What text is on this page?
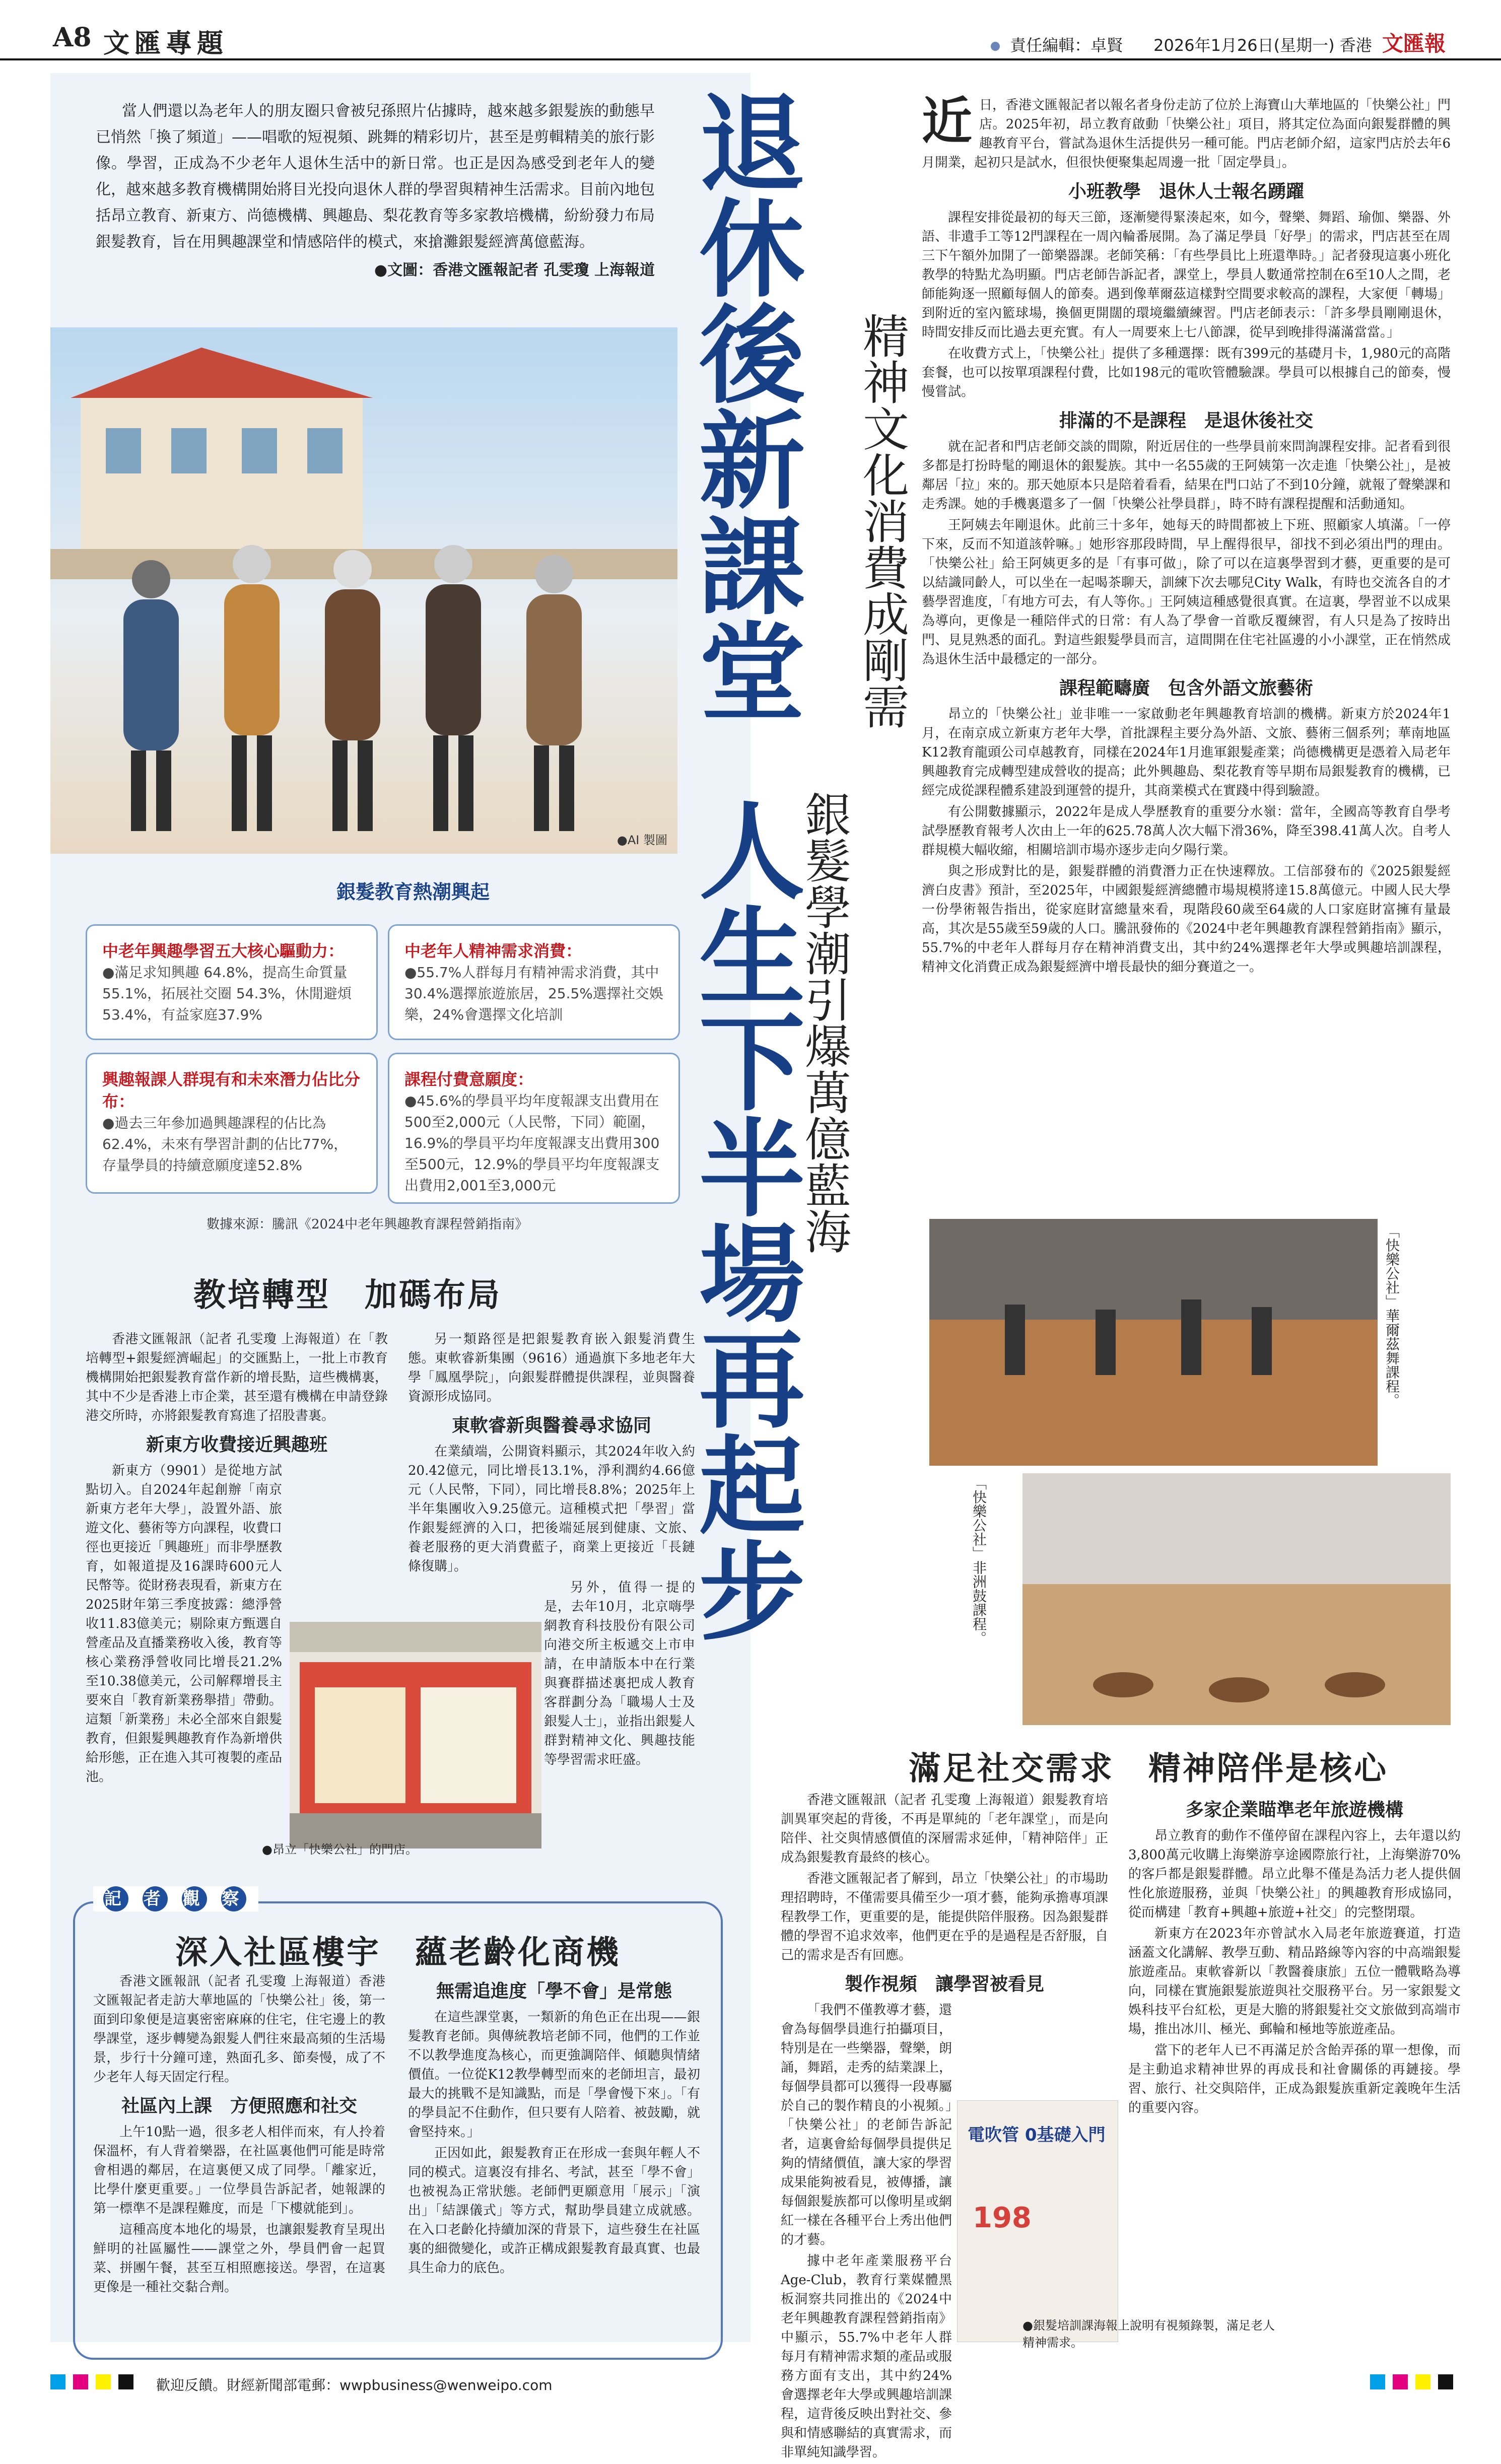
A8 文匯專題	責任編輯：卓賢 2026年1月26日(星期一) 香港 文匯報

當人們還以為老年人的朋友圈只會被兒孫照片佔據時，越來越多銀髮族的動態早已悄然「換了頻道」——唱歌的短視頻、跳舞的精彩切片，甚至是剪輯精美的旅行影像。學習，正成為不少老年人退休生活中的新日常。也正是因為感受到老年人的變化，越來越多教育機構開始將目光投向退休人群的學習與精神生活需求。目前內地包括昂立教育、新東方、尚德機構、興趣島、梨花教育等多家教培機構，紛紛發力布局銀髮教育，旨在用興趣課堂和情感陪伴的模式，來搶灘銀髮經濟萬億藍海。

●文圖：香港文匯報記者 孔雯瓊 上海報道

●AI 製圖
退休後新課堂
人生下半場再起步
精神文化消費成剛需
銀髮學潮引爆萬億藍海
銀髮教育熱潮興起
中老年興趣學習五大核心驅動力：
●滿足求知興趣 64.8%，提高生命質量 55.1%，拓展社交圈 54.3%，休閒避煩 53.4%，有益家庭37.9%
中老年人精神需求消費：
●55.7%人群每月有精神需求消費，其中30.4%選擇旅遊旅居，25.5%選擇社交娛樂，24%會選擇文化培訓
興趣報課人群現有和未來潛力佔比分布：
●過去三年參加過興趣課程的佔比為62.4%，未來有學習計劃的佔比77%，存量學員的持續意願度達52.8%
課程付費意願度：
●45.6%的學員平均年度報課支出費用在500至2,000元（人民幣，下同）範圍，16.9%的學員平均年度報課支出費用300至500元，12.9%的學員平均年度報課支出費用2,001至3,000元
數據來源：騰訊《2024中老年興趣教育課程營銷指南》
教培轉型　加碼布局

香港文匯報訊（記者 孔雯瓊 上海報道）在「教培轉型+銀髮經濟崛起」的交匯點上，一批上市教育機構開始把銀髮教育當作新的增長點，這些機構裏，其中不少是香港上市企業，甚至還有機構在申請登錄港交所時，亦將銀髮教育寫進了招股書裏。

新東方收費接近興趣班

新東方（9901）是從地方試點切入。自2024年起創辦「南京新東方老年大學」，設置外語、旅遊文化、藝術等方向課程，收費口徑也更接近「興趣班」而非學歷教育，如報道提及16課時600元人民幣等。從財務表現看，新東方在2025財年第三季度披露：總淨營收11.83億美元；剔除東方甄選自營產品及直播業務收入後，教育等核心業務淨營收同比增長21.2%至10.38億美元，公司解釋增長主要來自「教育新業務舉措」帶動。這類「新業務」未必全部來自銀髮教育，但銀髮興趣教育作為新增供給形態，正在進入其可複製的產品池。

另一類路徑是把銀髮教育嵌入銀髮消費生態。東軟睿新集團（9616）通過旗下多地老年大學「鳳凰學院」，向銀髮群體提供課程，並與醫養資源形成協同。

東軟睿新與醫養尋求協同

在業績端，公開資料顯示，其2024年收入約20.42億元，同比增長13.1%，淨利潤約4.66億元（人民幣，下同），同比增長8.8%；2025年上半年集團收入9.25億元。這種模式把「學習」當作銀髮經濟的入口，把後端延展到健康、文旅、養老服務的更大消費藍子，商業上更接近「長鏈條復購」。

另外，值得一提的是，去年10月，北京嗨學網教育科技股份有限公司向港交所主板遞交上市申請，在申請版本中在行業與賽群描述裏把成人教育客群劃分為「職場人士及銀髮人士」，並指出銀髮人群對精神文化、興趣技能等學習需求旺盛。

●昂立「快樂公社」的門店。
記 者 觀 察
深入社區樓宇　蘊老齡化商機

香港文匯報訊（記者 孔雯瓊 上海報道）香港文匯報記者走訪大華地區的「快樂公社」後，第一面到印象便是這裏密密麻麻的住宅，住宅邊上的教學課堂，逐步轉變為銀髮人們往來最高頻的生活場景，步行十分鐘可達，熟面孔多、節奏慢，成了不少老年人每天固定行程。

社區內上課　方便照應和社交

上午10點一過，很多老人相伴而來，有人拎着保溫杯，有人背着樂器，在社區裏他們可能是時常會相遇的鄰居，在這裏便又成了同學。「離家近，比學什麼更重要。」一位學員告訴記者，她報課的第一標準不是課程難度，而是「下樓就能到」。

這種高度本地化的場景，也讓銀髮教育呈現出鮮明的社區屬性——課堂之外，學員們會一起買菜、拼團午餐，甚至互相照應接送。學習，在這裏更像是一種社交黏合劑。

無需追進度「學不會」是常態

在這些課堂裏，一類新的角色正在出現——銀髮教育老師。與傳統教培老師不同，他們的工作並不以教學進度為核心，而更強調陪伴、傾聽與情緒價值。一位從K12教學轉型而來的老師坦言，最初最大的挑戰不是知識點，而是「學會慢下來」。「有的學員記不住動作，但只要有人陪着、被鼓勵，就會堅持來。」

正因如此，銀髮教育正在形成一套與年輕人不同的模式。這裏沒有排名、考試，甚至「學不會」也被視為正常狀態。老師們更願意用「展示」「演出」「結課儀式」等方式，幫助學員建立成就感。在入口老齡化持續加深的背景下，這些發生在社區裏的細微變化，或許正構成銀髮教育最真實、也最具生命力的底色。

近日，香港文匯報記者以報名者身份走訪了位於上海寶山大華地區的「快樂公社」門店。2025年初，昂立教育啟動「快樂公社」項目，將其定位為面向銀髮群體的興趣教育平台，嘗試為退休生活提供另一種可能。門店老師介紹，這家門店於去年6月開業，起初只是試水，但很快便聚集起周邊一批「固定學員」。

小班教學　退休人士報名踴躍

課程安排從最初的每天三節，逐漸變得緊湊起來，如今，聲樂、舞蹈、瑜伽、樂器、外語、非遺手工等12門課程在一周內輪番展開。為了滿足學員「好學」的需求，門店甚至在周三下午額外加開了一節樂器課。老師笑稱：「有些學員比上班還準時。」記者發現這裏小班化教學的特點尤為明顯。門店老師告訴記者，課堂上，學員人數通常控制在6至10人之間，老師能夠逐一照顧每個人的節奏。遇到像華爾茲這樣對空間要求較高的課程，大家便「轉場」到附近的室內籃球場，換個更開闊的環境繼續練習。門店老師表示：「許多學員剛剛退休，時間安排反而比過去更充實。有人一周要來上七八節課，從早到晚排得滿滿當當。」

在收費方式上，「快樂公社」提供了多種選擇：既有399元的基礎月卡，1,980元的高階套餐，也可以按單項課程付費，比如198元的電吹管體驗課。學員可以根據自己的節奏，慢慢嘗試。

排滿的不是課程　是退休後社交

就在記者和門店老師交談的間隙，附近居住的一些學員前來問詢課程安排。記者看到很多都是打扮時髦的剛退休的銀髮族。其中一名55歲的王阿姨第一次走進「快樂公社」，是被鄰居「拉」來的。那天她原本只是陪着看看，結果在門口站了不到10分鐘，就報了聲樂課和走秀課。她的手機裏還多了一個「快樂公社學員群」，時不時有課程提醒和活動通知。

王阿姨去年剛退休。此前三十多年，她每天的時間都被上下班、照顧家人填滿。「一停下來，反而不知道該幹嘛。」她形容那段時間，早上醒得很早，卻找不到必須出門的理由。「快樂公社」給王阿姨更多的是「有事可做」，除了可以在這裏學習到才藝，更重要的是可以結識同齡人，可以坐在一起喝茶聊天，訓練下次去哪兒City Walk，有時也交流各自的才藝學習進度，「有地方可去，有人等你。」王阿姨這種感覺很真實。在這裏，學習並不以成果為導向，更像是一種陪伴式的日常：有人為了學會一首歌反覆練習，有人只是為了按時出門、見見熟悉的面孔。對這些銀髮學員而言，這間開在住宅社區邊的小小課堂，正在悄然成為退休生活中最穩定的一部分。

課程範疇廣　包含外語文旅藝術

昂立的「快樂公社」並非唯一一家啟動老年興趣教育培訓的機構。新東方於2024年1月，在南京成立新東方老年大學，首批課程主要分為外語、文旅、藝術三個系列；華南地區K12教育龍頭公司卓越教育，同樣在2024年1月進軍銀髮產業；尚德機構更是憑着入局老年興趣教育完成轉型建成營收的提高；此外興趣島、梨花教育等早期布局銀髮教育的機構，已經完成從課程體系建設到運營的提升，其商業模式在實踐中得到驗證。

有公開數據顯示，2022年是成人學歷教育的重要分水嶺：當年，全國高等教育自學考試學歷教育報考人次由上一年的625.78萬人次大幅下滑36%，降至398.41萬人次。自考人群規模大幅收縮，相關培訓市場亦逐步走向夕陽行業。

與之形成對比的是，銀髮群體的消費潛力正在快速釋放。工信部發布的《2025銀髮經濟白皮書》預計，至2025年，中國銀髮經濟總體市場規模將達15.8萬億元。中國人民大學一份學術報告指出，從家庭財富總量來看，現階段60歲至64歲的人口家庭財富擁有量最高，其次是55歲至59歲的人口。騰訊發佈的《2024中老年興趣教育課程營銷指南》顯示，55.7%的中老年人群每月存在精神消費支出，其中約24%選擇老年大學或興趣培訓課程，精神文化消費正成為銀髮經濟中增長最快的細分賽道之一。

「快樂公社」華爾茲舞課程。
「快樂公社」非洲鼓課程。
滿足社交需求　精神陪伴是核心

香港文匯報訊（記者 孔雯瓊 上海報道）銀髮教育培訓異軍突起的背後，不再是單純的「老年課堂」，而是向陪伴、社交與情感價值的深層需求延伸，「精神陪伴」正成為銀髮教育最終的核心。

香港文匯報記者了解到，昂立「快樂公社」的市場助理招聘時，不僅需要具備至少一項才藝，能夠承擔專項課程教學工作，更重要的是，能提供陪伴服務。因為銀髮群體的學習不追求效率，他們更在乎的是過程是否舒服，自己的需求是否有回應。

製作視頻　讓學習被看見

「我們不僅教導才藝，還會為每個學員進行拍攝項目，特別是在一些樂器，聲樂，朗誦，舞蹈，走秀的結業課上，每個學員都可以獲得一段專屬於自己的製作精良的小視頻。」「快樂公社」的老師告訴記者，這裏會給每個學員提供足夠的情緒價值，讓大家的學習成果能夠被看見，被傳播，讓每個銀髮族都可以像明星或網紅一樣在各種平台上秀出他們的才藝。

據中老年產業服務平台Age-Club，教育行業媒體黑板洞察共同推出的《2024中老年興趣教育課程營銷指南》中顯示，55.7%中老年人群每月有精神需求類的產品或服務方面有支出，其中約24%會選擇老年大學或興趣培訓課程，這背後反映出對社交、參與和情感聯結的真實需求，而非單純知識學習。

電吹管 0基礎入門
198
●銀髮培訓課海報上說明有視頻錄製，滿足老人精神需求。
多家企業瞄準老年旅遊機構

昂立教育的動作不僅停留在課程內容上，去年還以約3,800萬元收購上海樂游享途國際旅行社，上海樂游70%的客戶都是銀髮群體。昂立此舉不僅是為活力老人提供個性化旅遊服務，並與「快樂公社」的興趣教育形成協同，從而構建「教育+興趣+旅遊+社交」的完整閉環。

新東方在2023年亦曾試水入局老年旅遊賽道，打造涵蓋文化講解、教學互動、精品路線等內容的中高端銀髮旅遊產品。東軟睿新以「教醫養康旅」五位一體戰略為導向，同樣在實施銀髮旅遊與社交服務平台。另一家銀髮文娛科技平台紅松，更是大膽的將銀髮社交文旅做到高端市場，推出冰川、極光、郵輪和極地等旅遊產品。

當下的老年人已不再滿足於含飴弄孫的單一想像，而是主動追求精神世界的再成長和社會關係的再鏈接。學習、旅行、社交與陪伴，正成為銀髮族重新定義晚年生活的重要內容。

歡迎反饋。財經新聞部電郵：wwpbusiness@wenweipo.com
